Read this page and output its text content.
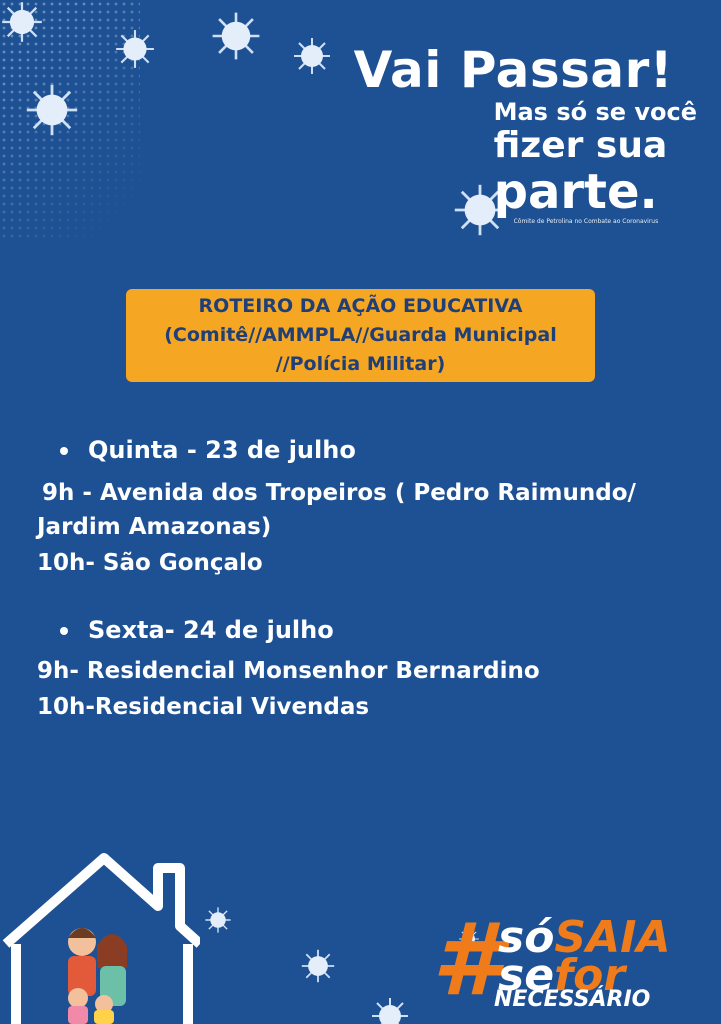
Vai Passar!
Mas só se você
fizer sua
parte.
Cômite de Petrolina no Combate ao Coronavirus
ROTEIRO DA AÇÃO EDUCATIVA
(Comitê//AMMPLA//Guarda Municipal
//Polícia Militar)
Quinta - 23 de julho
9h - Avenida dos Tropeiros ( Pedro Raimundo/
Jardim Amazonas)
10h- São Gonçalo
Sexta- 24 de julho
9h- Residencial Monsenhor Bernardino
10h-Residencial Vivendas
#
sóSAIA
sefor
NECESSÁRIO
